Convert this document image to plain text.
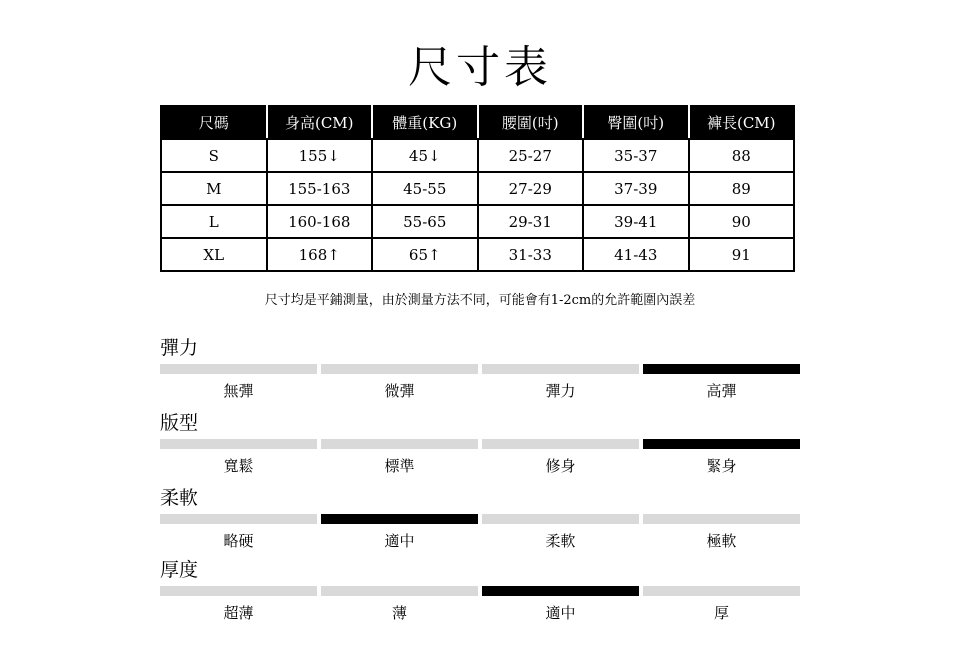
尺寸表
尺碼	身高(CM)	體重(KG)	腰圍(吋)	臀圍(吋)	褲長(CM)
S	155↓	45↓	25-27	35-37	88
M	155-163	45-55	27-29	37-39	89
L	160-168	55-65	29-31	39-41	90
XL	168↑	65↑	31-33	41-43	91
尺寸均是平鋪測量，由於測量方法不同，可能會有1-2cm的允許範圍內誤差
彈力
無彈	微彈	彈力	高彈
版型
寬鬆	標準	修身	緊身
柔軟
略硬	適中	柔軟	極軟
厚度
超薄	薄	適中	厚
